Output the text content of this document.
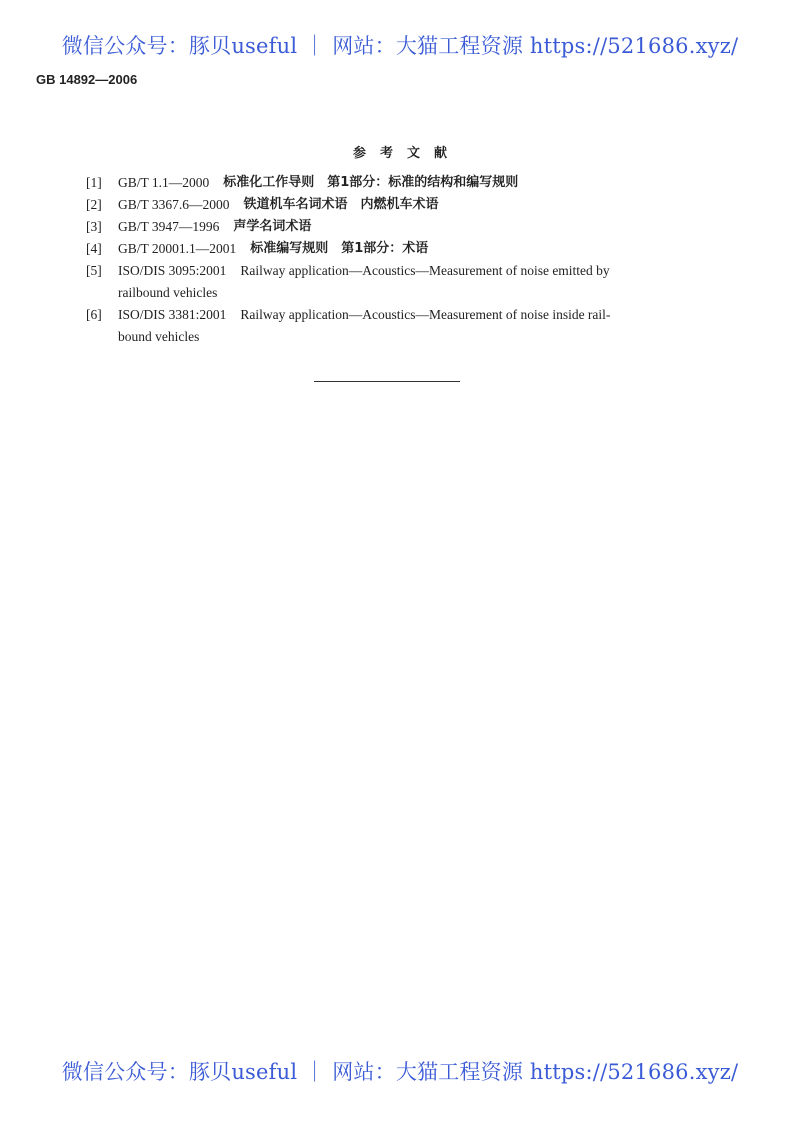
微信公众号：豚贝useful ｜ 网站：大猫工程资源 https://521686.xyz/
GB 14892—2006
参考文献
[1] GB/T 1.1—2000 标准化工作导则　第1部分：标准的结构和编写规则
[2] GB/T 3367.6—2000 铁道机车名词术语　内燃机车术语
[3] GB/T 3947—1996 声学名词术语
[4] GB/T 20001.1—2001 标准编写规则　第1部分：术语
[5] ISO/DIS 3095:2001 Railway application—Acoustics—Measurement of noise emitted by
railbound vehicles
[6] ISO/DIS 3381:2001 Railway application—Acoustics—Measurement of noise inside rail-
bound vehicles
微信公众号：豚贝useful ｜ 网站：大猫工程资源 https://521686.xyz/
